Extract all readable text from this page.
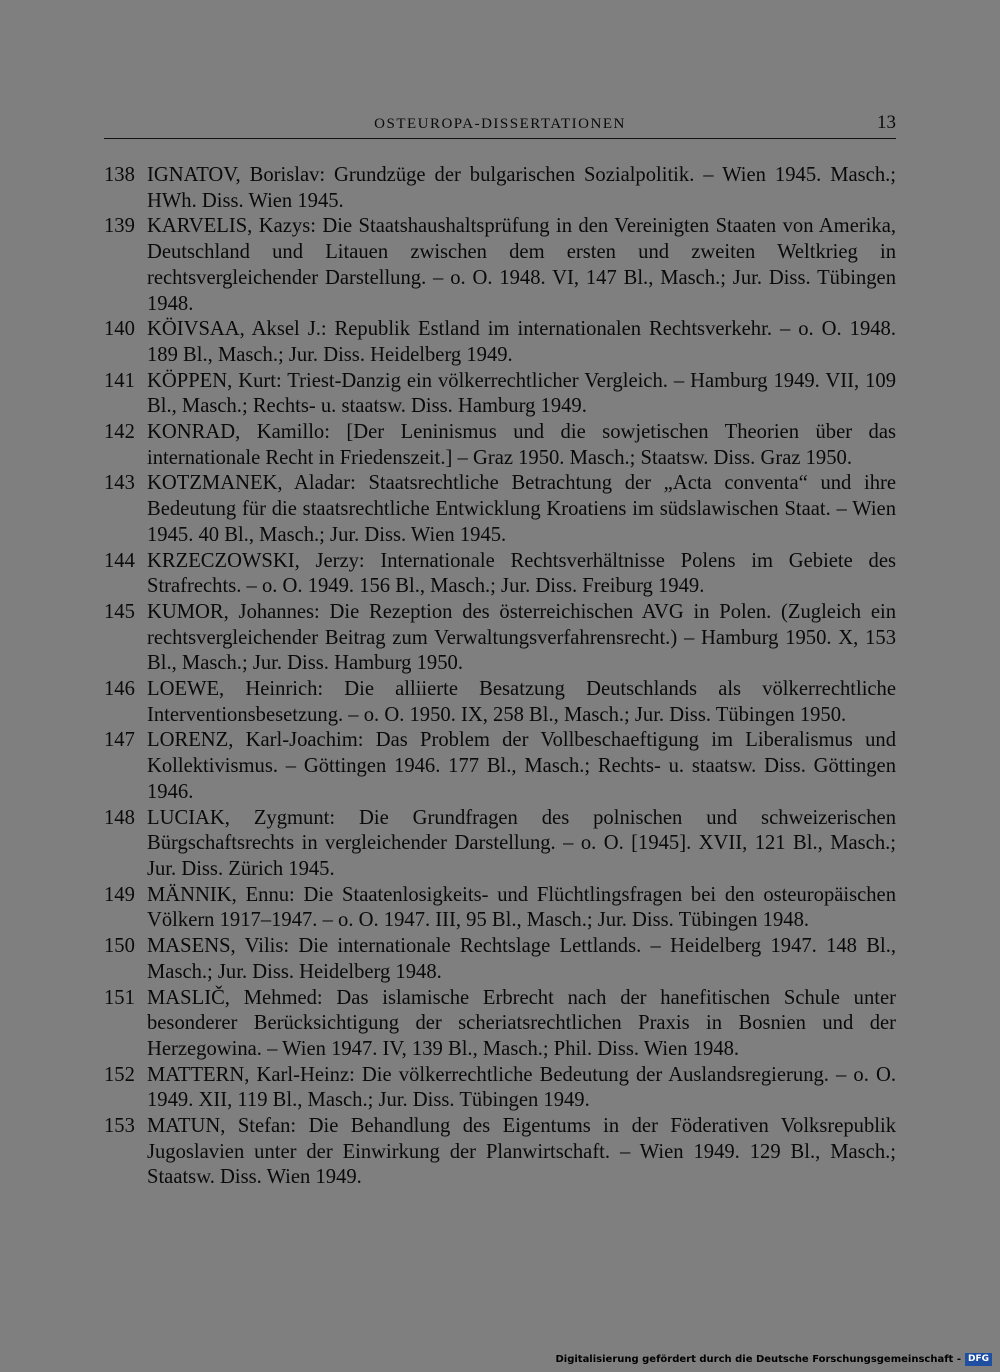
OSTEUROPA-DISSERTATIONEN	13
138 IGNATOV, Borislav: Grundzüge der bulgarischen Sozialpolitik. – Wien 1945. Masch.; HWh. Diss. Wien 1945.
139 KARVELIS, Kazys: Die Staatshaushaltsprüfung in den Vereinigten Staaten von Amerika, Deutschland und Litauen zwischen dem ersten und zweiten Weltkrieg in rechtsvergleichender Darstellung. – o. O. 1948. VI, 147 Bl., Masch.; Jur. Diss. Tübingen 1948.
140 KÖIVSAA, Aksel J.: Republik Estland im internationalen Rechtsverkehr. – o. O. 1948. 189 Bl., Masch.; Jur. Diss. Heidelberg 1949.
141 KÖPPEN, Kurt: Triest-Danzig ein völkerrechtlicher Vergleich. – Hamburg 1949. VII, 109 Bl., Masch.; Rechts- u. staatsw. Diss. Hamburg 1949.
142 KONRAD, Kamillo: [Der Leninismus und die sowjetischen Theorien über das internationale Recht in Friedenszeit.] – Graz 1950. Masch.; Staatsw. Diss. Graz 1950.
143 KOTZMANEK, Aladar: Staatsrechtliche Betrachtung der „Acta conventa“ und ihre Bedeutung für die staatsrechtliche Entwicklung Kroatiens im südslawischen Staat. – Wien 1945. 40 Bl., Masch.; Jur. Diss. Wien 1945.
144 KRZECZOWSKI, Jerzy: Internationale Rechtsverhältnisse Polens im Gebiete des Strafrechts. – o. O. 1949. 156 Bl., Masch.; Jur. Diss. Freiburg 1949.
145 KUMOR, Johannes: Die Rezeption des österreichischen AVG in Polen. (Zugleich ein rechtsvergleichender Beitrag zum Verwaltungsverfahrensrecht.) – Hamburg 1950. X, 153 Bl., Masch.; Jur. Diss. Hamburg 1950.
146 LOEWE, Heinrich: Die alliierte Besatzung Deutschlands als völkerrechtliche Interventionsbesetzung. – o. O. 1950. IX, 258 Bl., Masch.; Jur. Diss. Tübingen 1950.
147 LORENZ, Karl-Joachim: Das Problem der Vollbeschaeftigung im Liberalismus und Kollektivismus. – Göttingen 1946. 177 Bl., Masch.; Rechts- u. staatsw. Diss. Göttingen 1946.
148 LUCIAK, Zygmunt: Die Grundfragen des polnischen und schweizerischen Bürgschaftsrechts in vergleichender Darstellung. – o. O. [1945]. XVII, 121 Bl., Masch.; Jur. Diss. Zürich 1945.
149 MÄNNIK, Ennu: Die Staatenlosigkeits- und Flüchtlingsfragen bei den osteuropäischen Völkern 1917–1947. – o. O. 1947. III, 95 Bl., Masch.; Jur. Diss. Tübingen 1948.
150 MASENS, Vilis: Die internationale Rechtslage Lettlands. – Heidelberg 1947. 148 Bl., Masch.; Jur. Diss. Heidelberg 1948.
151 MASLIČ, Mehmed: Das islamische Erbrecht nach der hanefitischen Schule unter besonderer Berücksichtigung der scheriatsrechtlichen Praxis in Bosnien und der Herzegowina. – Wien 1947. IV, 139 Bl., Masch.; Phil. Diss. Wien 1948.
152 MATTERN, Karl-Heinz: Die völkerrechtliche Bedeutung der Auslandsregierung. – o. O. 1949. XII, 119 Bl., Masch.; Jur. Diss. Tübingen 1949.
153 MATUN, Stefan: Die Behandlung des Eigentums in der Föderativen Volksrepublik Jugoslavien unter der Einwirkung der Planwirtschaft. – Wien 1949. 129 Bl., Masch.; Staatsw. Diss. Wien 1949.
Digitalisierung gefördert durch die Deutsche Forschungsgemeinschaft - DFG
